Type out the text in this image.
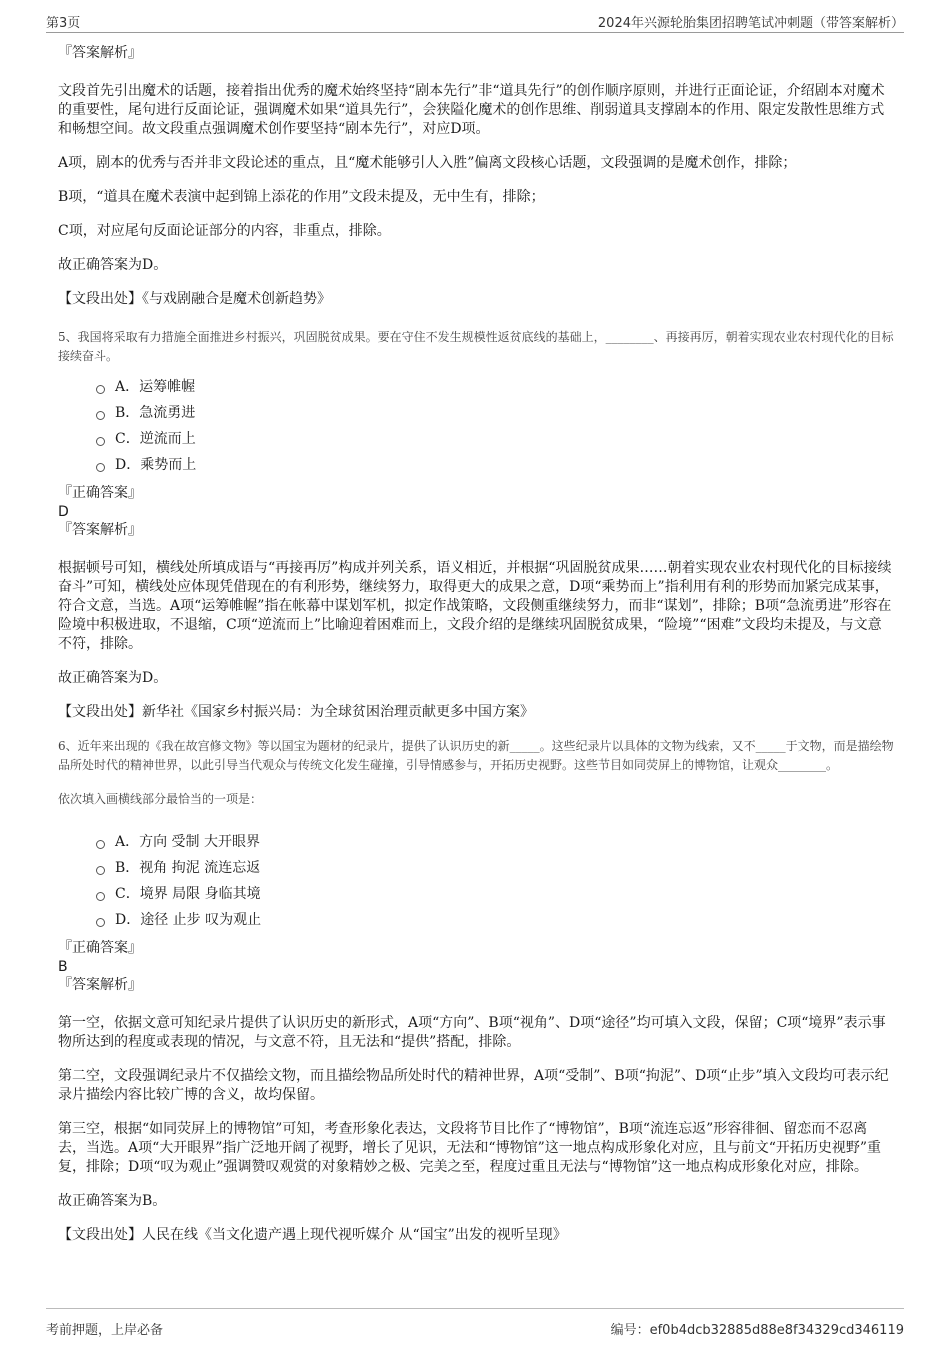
第3页	2024年兴源轮胎集团招聘笔试冲刺题（带答案解析）

『答案解析』

文段首先引出魔术的话题，接着指出优秀的魔术始终坚持“剧本先行”非“道具先行”的创作顺序原则，并进行正面论证，介绍剧本对魔术的重要性，尾句进行反面论证，强调魔术如果“道具先行”，会狭隘化魔术的创作思维、削弱道具支撑剧本的作用、限定发散性思维方式和畅想空间。故文段重点强调魔术创作要坚持“剧本先行”，对应D项。

A项，剧本的优秀与否并非文段论述的重点，且“魔术能够引人入胜”偏离文段核心话题，文段强调的是魔术创作，排除；

B项，“道具在魔术表演中起到锦上添花的作用”文段未提及，无中生有，排除；

C项，对应尾句反面论证部分的内容，非重点，排除。

故正确答案为D。

【文段出处】《与戏剧融合是魔术创新趋势》

5、我国将采取有力措施全面推进乡村振兴，巩固脱贫成果。要在守住不发生规模性返贫底线的基础上，________、再接再厉，朝着实现农业农村现代化的目标接续奋斗。

A．运筹帷幄
B．急流勇进
C．逆流而上
D．乘势而上

『正确答案』

D

『答案解析』

根据顿号可知，横线处所填成语与“再接再厉”构成并列关系，语义相近，并根据“巩固脱贫成果……朝着实现农业农村现代化的目标接续奋斗”可知，横线处应体现凭借现在的有利形势，继续努力，取得更大的成果之意，D项“乘势而上”指利用有利的形势而加紧完成某事，符合文意，当选。A项“运筹帷幄”指在帐幕中谋划军机，拟定作战策略，文段侧重继续努力，而非“谋划”，排除；B项“急流勇进”形容在险境中积极进取，不退缩，C项“逆流而上”比喻迎着困难而上，文段介绍的是继续巩固脱贫成果，“险境”“困难”文段均未提及，与文意不符，排除。

故正确答案为D。

【文段出处】新华社《国家乡村振兴局：为全球贫困治理贡献更多中国方案》

6、近年来出现的《我在故宫修文物》等以国宝为题材的纪录片，提供了认识历史的新_____。这些纪录片以具体的文物为线索，又不_____于文物，而是描绘物品所处时代的精神世界，以此引导当代观众与传统文化发生碰撞，引导情感参与，开拓历史视野。这些节目如同荧屏上的博物馆，让观众________。

依次填入画横线部分最恰当的一项是：

A．方向 受制 大开眼界
B．视角 拘泥 流连忘返
C．境界 局限 身临其境
D．途径 止步 叹为观止

『正确答案』

B

『答案解析』

第一空，依据文意可知纪录片提供了认识历史的新形式，A项“方向”、B项“视角”、D项“途径”均可填入文段，保留；C项“境界”表示事物所达到的程度或表现的情况，与文意不符，且无法和“提供”搭配，排除。

第二空，文段强调纪录片不仅描绘文物，而且描绘物品所处时代的精神世界，A项“受制”、B项“拘泥”、D项“止步”填入文段均可表示纪录片描绘内容比较广博的含义，故均保留。

第三空，根据“如同荧屏上的博物馆”可知，考查形象化表达，文段将节目比作了“博物馆”，B项“流连忘返”形容徘徊、留恋而不忍离去，当选。A项“大开眼界”指广泛地开阔了视野，增长了见识，无法和“博物馆”这一地点构成形象化对应，且与前文“开拓历史视野”重复，排除；D项“叹为观止”强调赞叹观赏的对象精妙之极、完美之至，程度过重且无法与“博物馆”这一地点构成形象化对应，排除。

故正确答案为B。

【文段出处】人民在线《当文化遗产遇上现代视听媒介 从“国宝”出发的视听呈现》

考前押题，上岸必备	编号：ef0b4dcb32885d88e8f34329cd346119
